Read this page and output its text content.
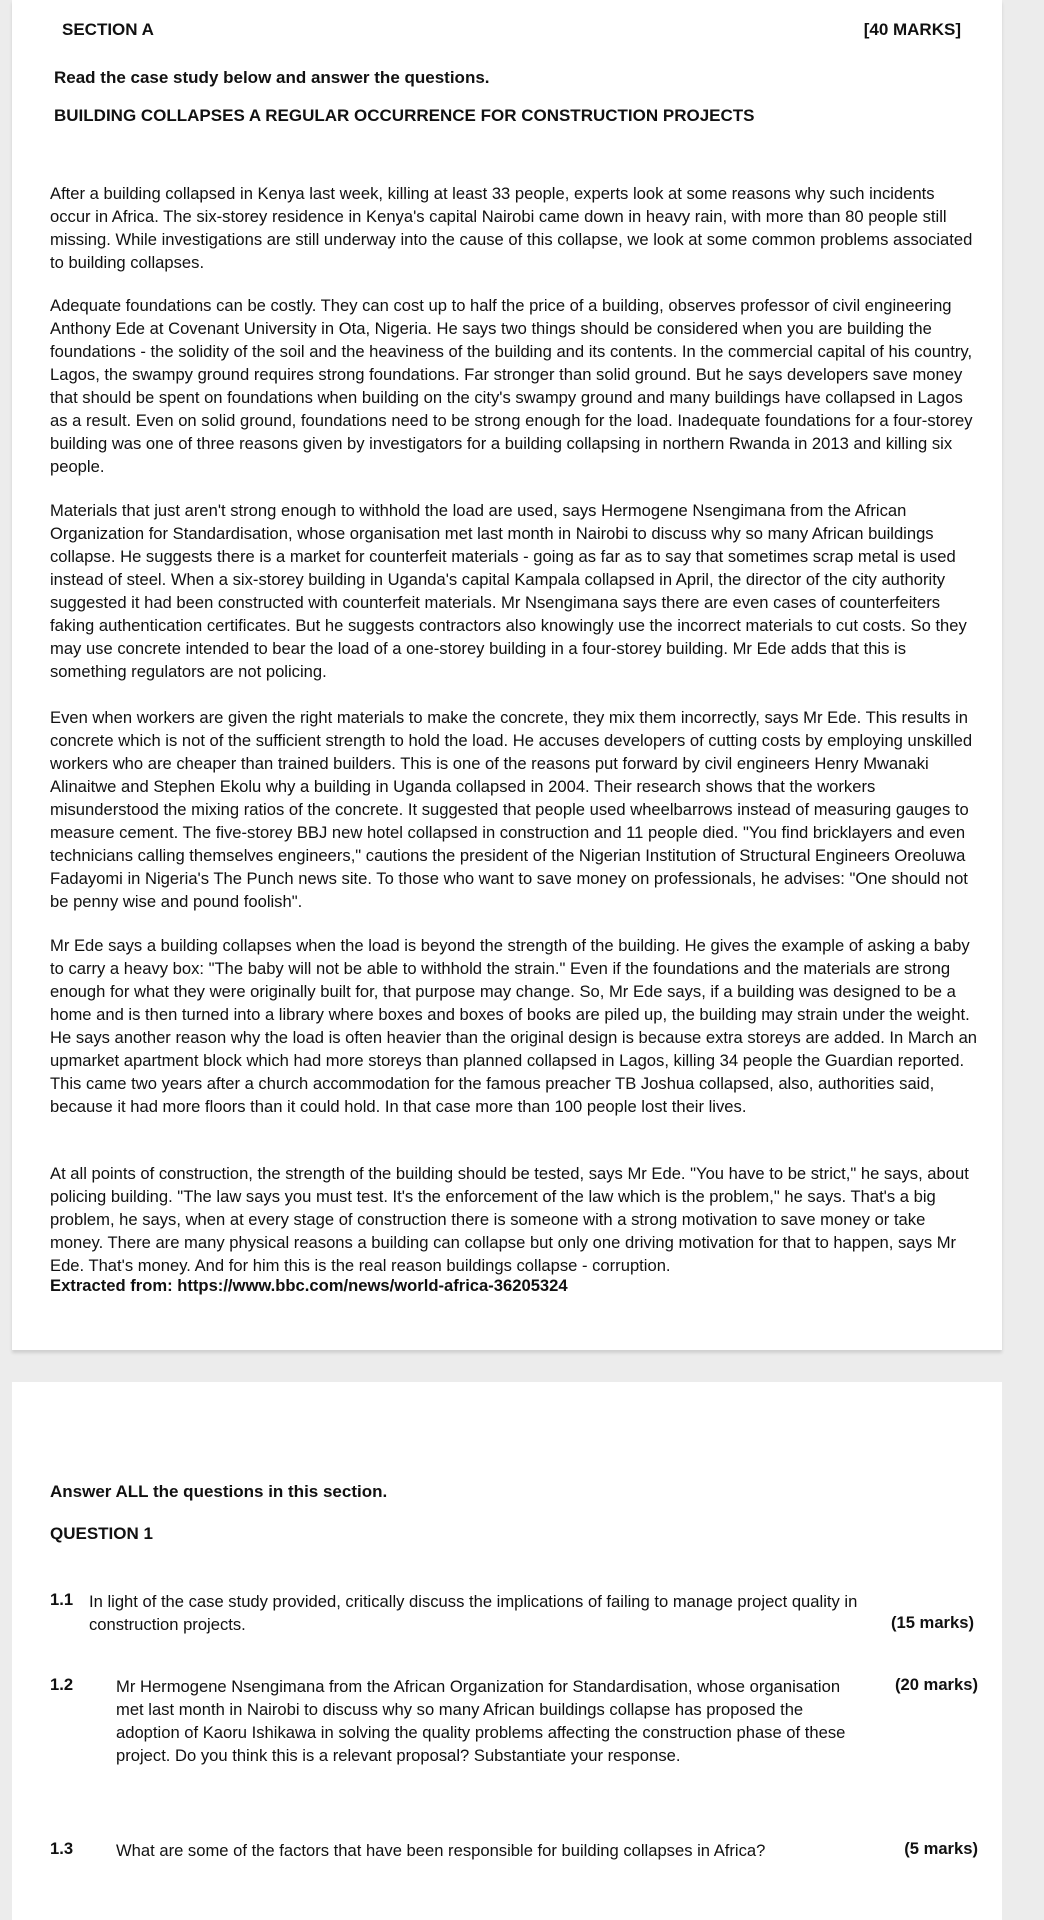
SECTION A	[40 MARKS]

Read the case study below and answer the questions.

BUILDING COLLAPSES A REGULAR OCCURRENCE FOR CONSTRUCTION PROJECTS

After a building collapsed in Kenya last week, killing at least 33 people, experts look at some reasons why such incidents occur in Africa. The six-storey residence in Kenya's capital Nairobi came down in heavy rain, with more than 80 people still missing. While investigations are still underway into the cause of this collapse, we look at some common problems associated to building collapses.

Adequate foundations can be costly. They can cost up to half the price of a building, observes professor of civil engineering Anthony Ede at Covenant University in Ota, Nigeria. He says two things should be considered when you are building the foundations - the solidity of the soil and the heaviness of the building and its contents. In the commercial capital of his country, Lagos, the swampy ground requires strong foundations. Far stronger than solid ground. But he says developers save money that should be spent on foundations when building on the city's swampy ground and many buildings have collapsed in Lagos as a result. Even on solid ground, foundations need to be strong enough for the load. Inadequate foundations for a four-storey building was one of three reasons given by investigators for a building collapsing in northern Rwanda in 2013 and killing six people.

Materials that just aren't strong enough to withhold the load are used, says Hermogene Nsengimana from the African Organization for Standardisation, whose organisation met last month in Nairobi to discuss why so many African buildings collapse. He suggests there is a market for counterfeit materials - going as far as to say that sometimes scrap metal is used instead of steel. When a six-storey building in Uganda's capital Kampala collapsed in April, the director of the city authority suggested it had been constructed with counterfeit materials. Mr Nsengimana says there are even cases of counterfeiters faking authentication certificates. But he suggests contractors also knowingly use the incorrect materials to cut costs. So they may use concrete intended to bear the load of a one-storey building in a four-storey building. Mr Ede adds that this is something regulators are not policing.

Even when workers are given the right materials to make the concrete, they mix them incorrectly, says Mr Ede. This results in concrete which is not of the sufficient strength to hold the load. He accuses developers of cutting costs by employing unskilled workers who are cheaper than trained builders. This is one of the reasons put forward by civil engineers Henry Mwanaki Alinaitwe and Stephen Ekolu why a building in Uganda collapsed in 2004. Their research shows that the workers misunderstood the mixing ratios of the concrete. It suggested that people used wheelbarrows instead of measuring gauges to measure cement. The five-storey BBJ new hotel collapsed in construction and 11 people died. "You find bricklayers and even technicians calling themselves engineers," cautions the president of the Nigerian Institution of Structural Engineers Oreoluwa Fadayomi in Nigeria's The Punch news site. To those who want to save money on professionals, he advises: "One should not be penny wise and pound foolish".

Mr Ede says a building collapses when the load is beyond the strength of the building. He gives the example of asking a baby to carry a heavy box: "The baby will not be able to withhold the strain." Even if the foundations and the materials are strong enough for what they were originally built for, that purpose may change. So, Mr Ede says, if a building was designed to be a home and is then turned into a library where boxes and boxes of books are piled up, the building may strain under the weight. He says another reason why the load is often heavier than the original design is because extra storeys are added. In March an upmarket apartment block which had more storeys than planned collapsed in Lagos, killing 34 people the Guardian reported. This came two years after a church accommodation for the famous preacher TB Joshua collapsed, also, authorities said, because it had more floors than it could hold. In that case more than 100 people lost their lives.

At all points of construction, the strength of the building should be tested, says Mr Ede. "You have to be strict," he says, about policing building. "The law says you must test. It's the enforcement of the law which is the problem," he says. That's a big problem, he says, when at every stage of construction there is someone with a strong motivation to save money or take money. There are many physical reasons a building can collapse but only one driving motivation for that to happen, says Mr Ede. That's money. And for him this is the real reason buildings collapse - corruption.

Extracted from: https://www.bbc.com/news/world-africa-36205324

Answer ALL the questions in this section.

QUESTION 1

1.1 In light of the case study provided, critically discuss the implications of failing to manage project quality in construction projects.	(15 marks)
1.2	Mr Hermogene Nsengimana from the African Organization for Standardisation, whose organisation met last month in Nairobi to discuss why so many African buildings collapse has proposed the adoption of Kaoru Ishikawa in solving the quality problems affecting the construction phase of these project. Do you think this is a relevant proposal? Substantiate your response.

(20 marks)
1.3	What are some of the factors that have been responsible for building collapses in Africa?	(5 marks)
